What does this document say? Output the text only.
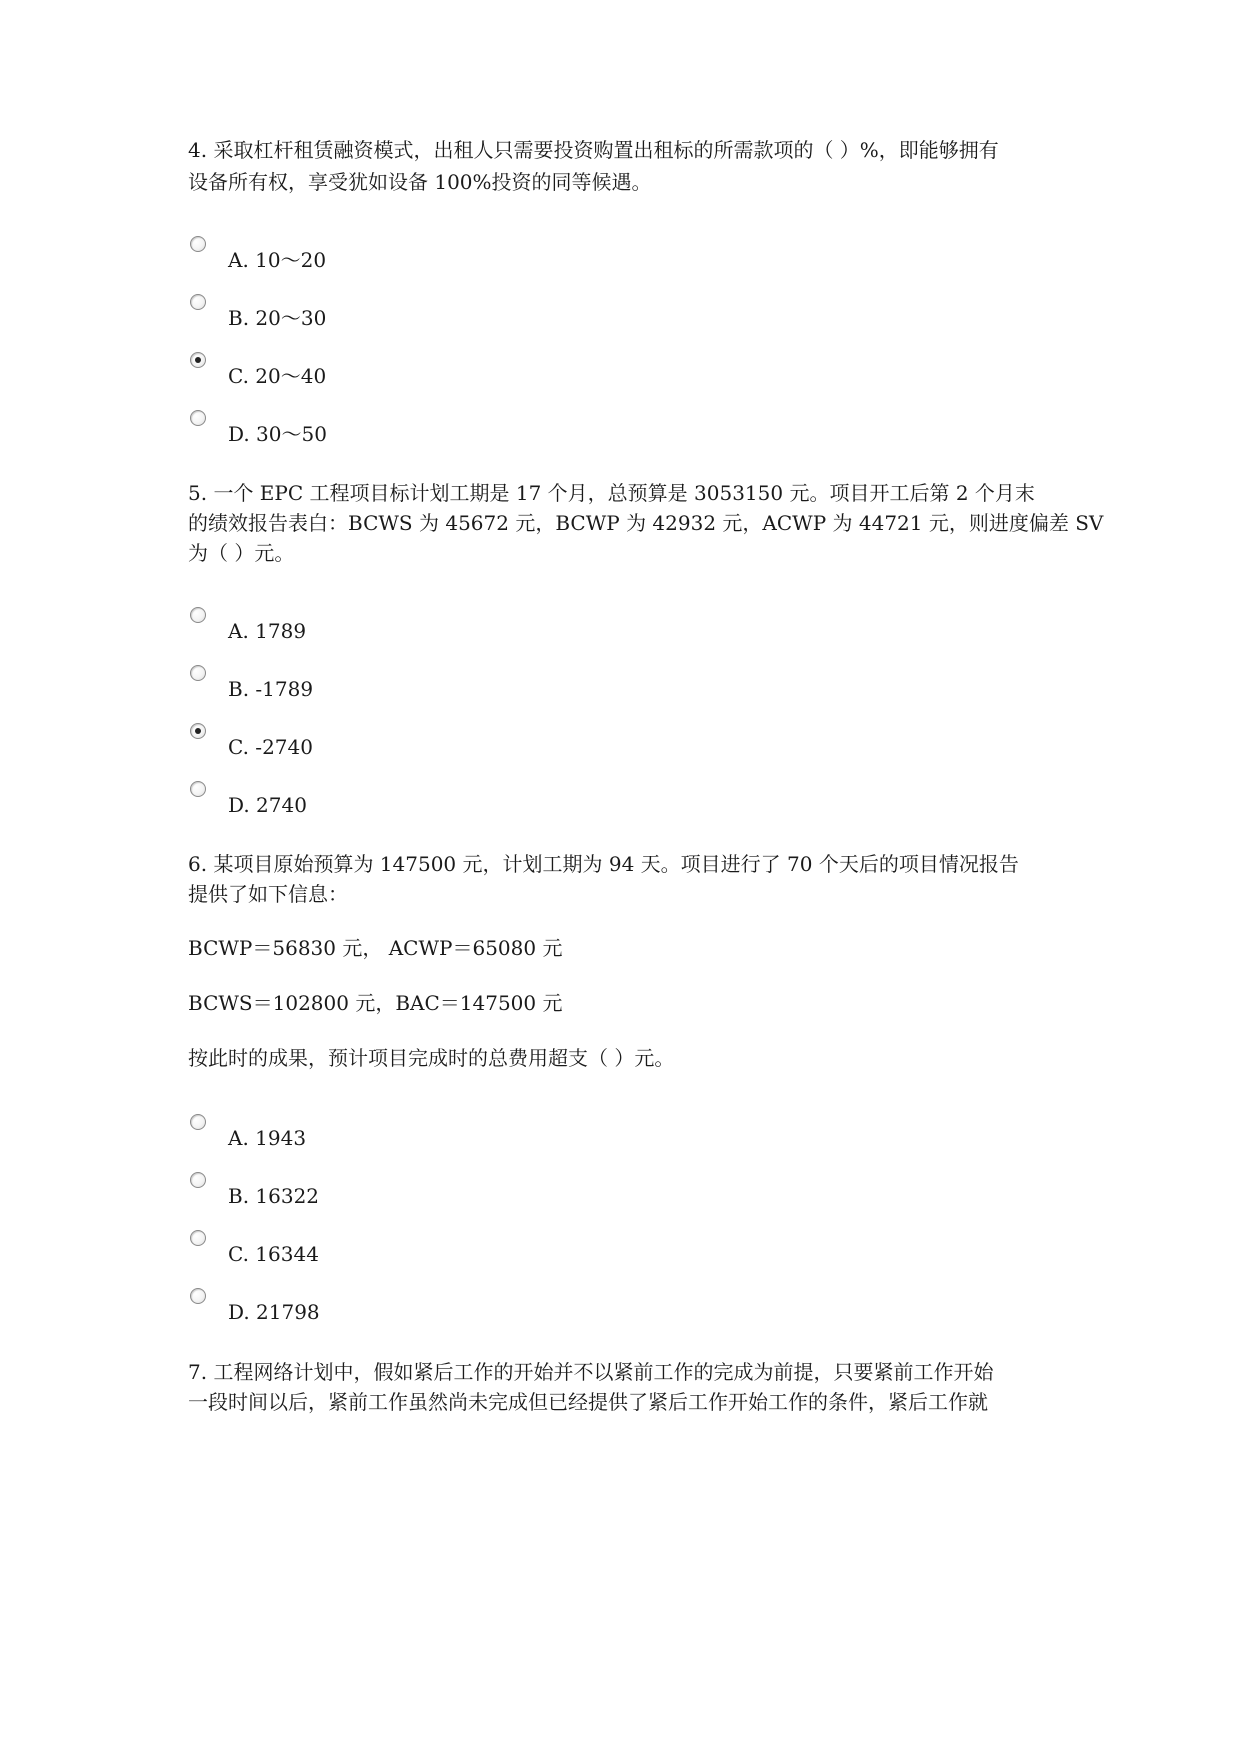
4. 采取杠杆租赁融资模式，出租人只需要投资购置出租标的所需款项的（ ）%，即能够拥有
设备所有权，享受犹如设备 100%投资的同等候遇。
A. 10～20
B. 20～30
C. 20～40
D. 30～50
5. 一个 EPC 工程项目标计划工期是 17 个月，总预算是 3053150 元。项目开工后第 2 个月末
的绩效报告表白：BCWS 为 45672 元，BCWP 为 42932 元，ACWP 为 44721 元，则进度偏差 SV
为（ ）元。
A. 1789
B. -1789
C. -2740
D. 2740
6. 某项目原始预算为 147500 元，计划工期为 94 天。项目进行了 70 个天后的项目情况报告
提供了如下信息：
BCWP＝56830 元， ACWP＝65080 元
BCWS＝102800 元，BAC＝147500 元
按此时的成果，预计项目完成时的总费用超支（ ）元。
A. 1943
B. 16322
C. 16344
D. 21798
7. 工程网络计划中，假如紧后工作的开始并不以紧前工作的完成为前提，只要紧前工作开始
一段时间以后，紧前工作虽然尚未完成但已经提供了紧后工作开始工作的条件，紧后工作就
